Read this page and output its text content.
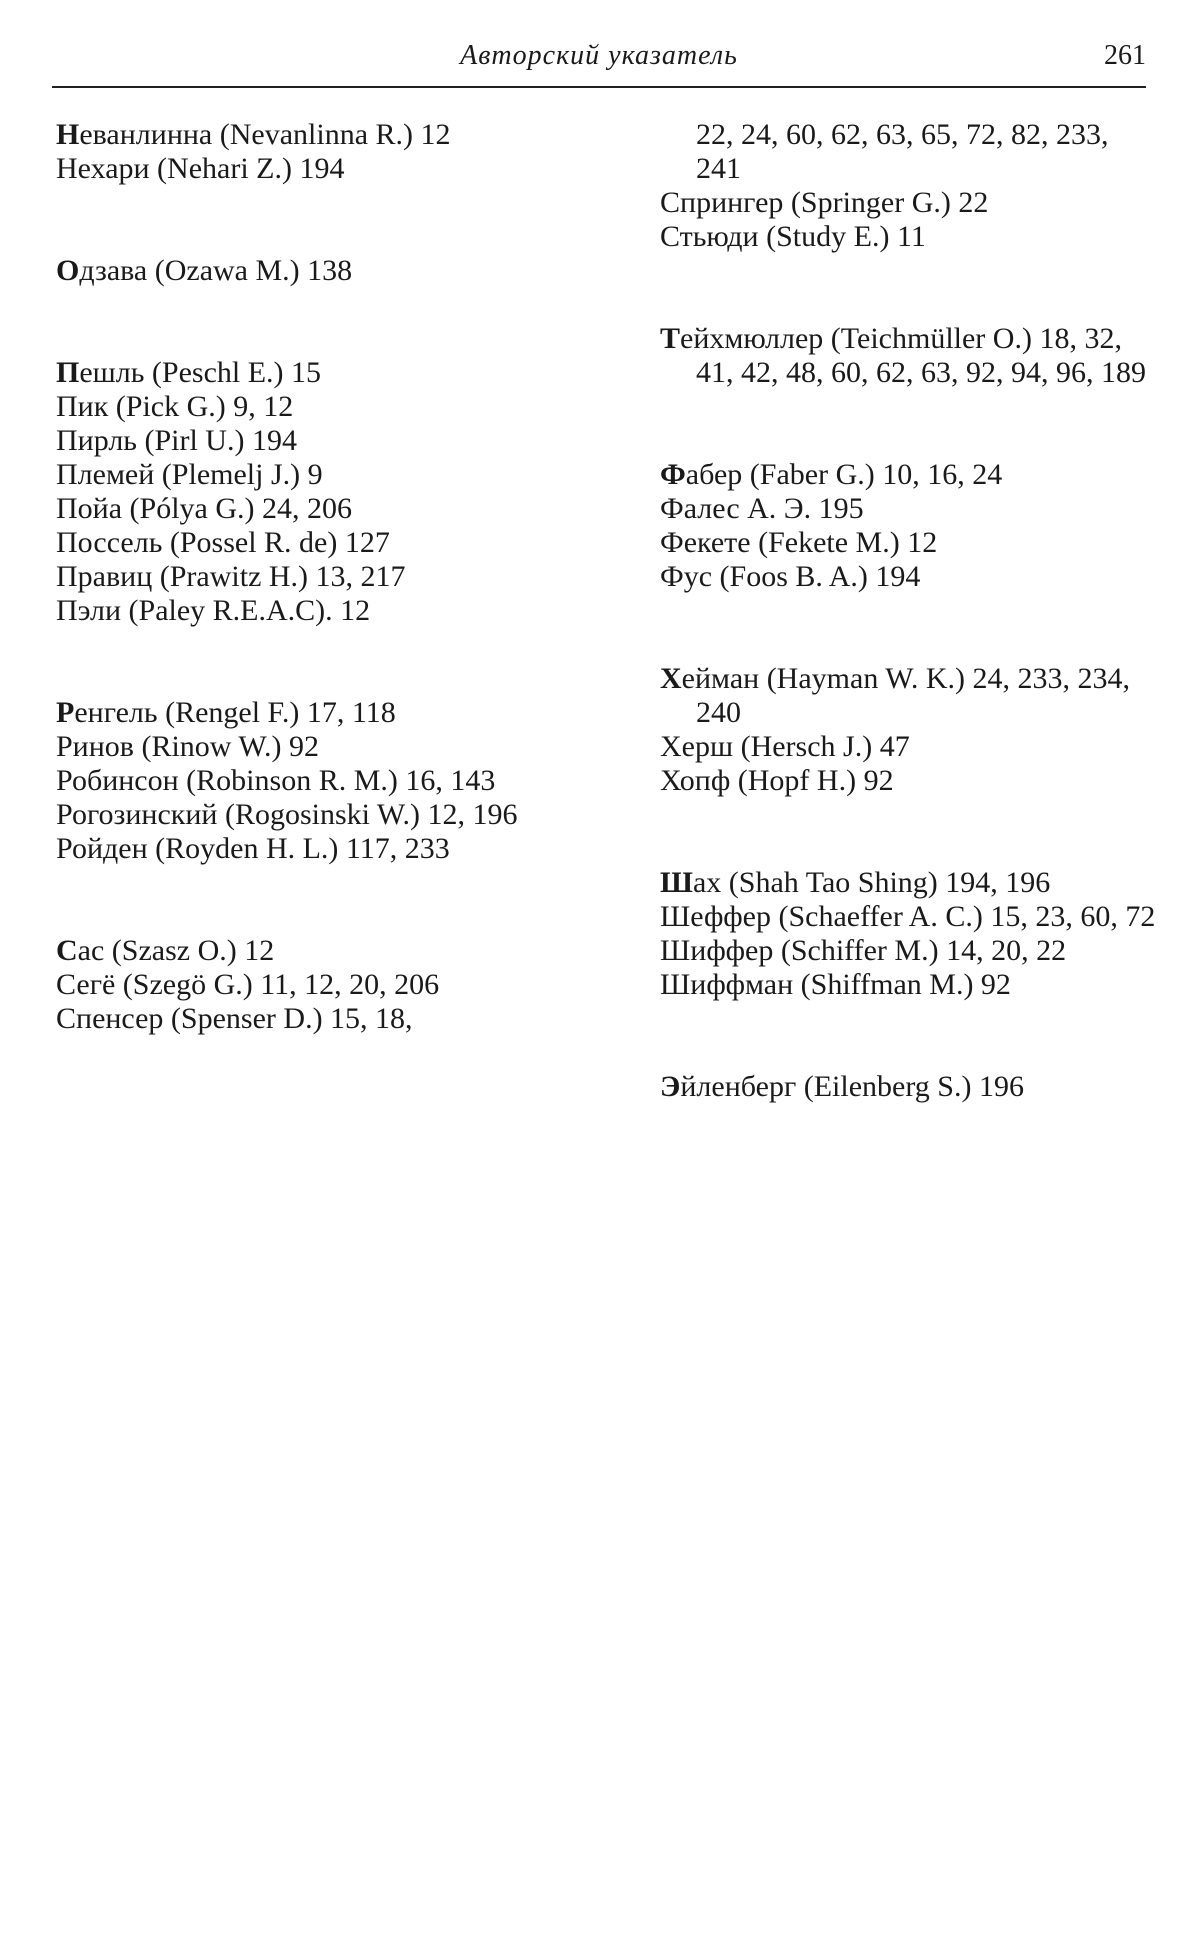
Авторский указатель	261

Неванлинна (Nevanlinna R.) 12

Нехари (Nehari Z.) 194

Одзава (Ozawa M.) 138

Пешль (Peschl E.) 15

Пик (Pick G.) 9, 12

Пирль (Pirl U.) 194

Племей (Plemelj J.) 9

Пойа (Pólya G.) 24, 206

Поссель (Possel R. de) 127

Правиц (Prawitz H.) 13, 217

Пэли (Paley R.E.A.C). 12

Ренгель (Rengel F.) 17, 118

Ринов (Rinow W.) 92

Робинсон (Robinson R. M.) 16, 143

Рогозинский (Rogosinski W.) 12, 196

Ройден (Royden H. L.) 117, 233

Сас (Szasz O.) 12

Сегё (Szegö G.) 11, 12, 20, 206

Спенсер (Spenser D.) 15, 18,

22, 24, 60, 62, 63, 65, 72, 82, 233, 241

Спрингер (Springer G.) 22

Стьюди (Study E.) 11

Тейхмюллер (Teichmüller O.) 18, 32, 41, 42, 48, 60, 62, 63, 92, 94, 96, 189

Фабер (Faber G.) 10, 16, 24

Фалес А. Э. 195

Фекете (Fekete M.) 12

Фус (Foos B. A.) 194

Хейман (Hayman W. K.) 24, 233, 234, 240

Херш (Hersch J.) 47

Хопф (Hopf H.) 92

Шах (Shah Tao Shing) 194, 196

Шеффер (Schaeffer A. C.) 15, 23, 60, 72

Шиффер (Schiffer M.) 14, 20, 22

Шиффман (Shiffman M.) 92

Эйленберг (Eilenberg S.) 196
